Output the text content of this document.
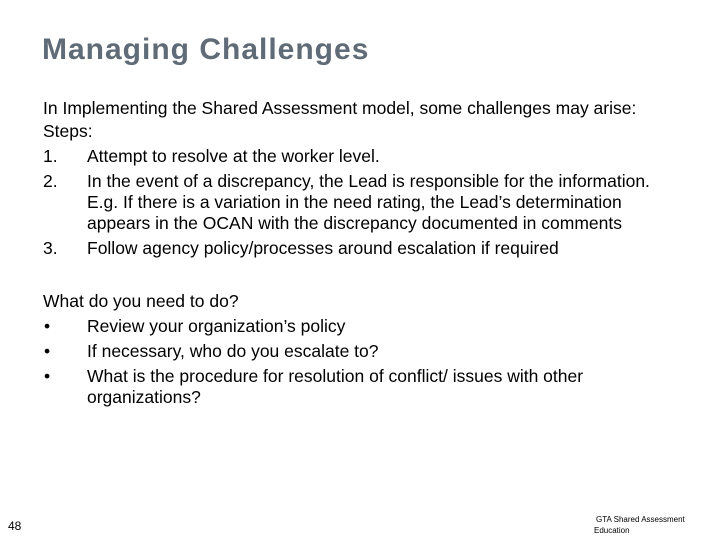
Managing Challenges

In Implementing the Shared Assessment model, some challenges may arise:

Steps:

1.	Attempt to resolve at the worker level.
2.	In the event of a discrepancy, the Lead is responsible for the information. E.g. If there is a variation in the need rating, the Lead’s determination appears in the OCAN with the discrepancy documented in comments
3.	Follow agency policy/processes around escalation if required

What do you need to do?

•	Review your organization’s policy
•	If necessary, who do you escalate to?
•	What is the procedure for resolution of conflict/ issues with other organizations?
48	GTA Shared Assessment
Education
